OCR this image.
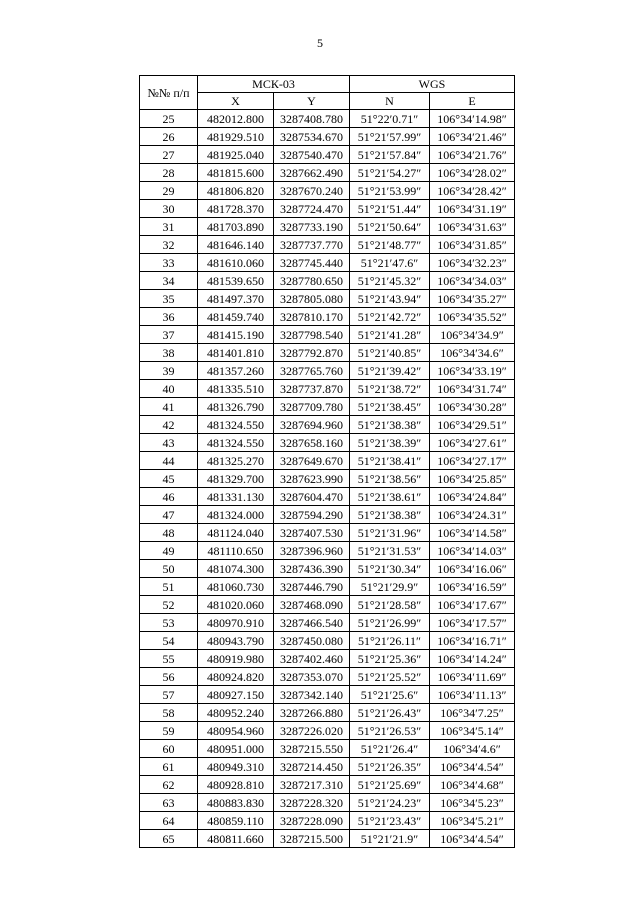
5
№№ п/п	МСК-03		WGS	
	X	Y	N	E
25	482012.800	3287408.780	51°22′0.71″	106°34′14.98″
26	481929.510	3287534.670	51°21′57.99″	106°34′21.46″
27	481925.040	3287540.470	51°21′57.84″	106°34′21.76″
28	481815.600	3287662.490	51°21′54.27″	106°34′28.02″
29	481806.820	3287670.240	51°21′53.99″	106°34′28.42″
30	481728.370	3287724.470	51°21′51.44″	106°34′31.19″
31	481703.890	3287733.190	51°21′50.64″	106°34′31.63″
32	481646.140	3287737.770	51°21′48.77″	106°34′31.85″
33	481610.060	3287745.440	51°21′47.6″	106°34′32.23″
34	481539.650	3287780.650	51°21′45.32″	106°34′34.03″
35	481497.370	3287805.080	51°21′43.94″	106°34′35.27″
36	481459.740	3287810.170	51°21′42.72″	106°34′35.52″
37	481415.190	3287798.540	51°21′41.28″	106°34′34.9″
38	481401.810	3287792.870	51°21′40.85″	106°34′34.6″
39	481357.260	3287765.760	51°21′39.42″	106°34′33.19″
40	481335.510	3287737.870	51°21′38.72″	106°34′31.74″
41	481326.790	3287709.780	51°21′38.45″	106°34′30.28″
42	481324.550	3287694.960	51°21′38.38″	106°34′29.51″
43	481324.550	3287658.160	51°21′38.39″	106°34′27.61″
44	481325.270	3287649.670	51°21′38.41″	106°34′27.17″
45	481329.700	3287623.990	51°21′38.56″	106°34′25.85″
46	481331.130	3287604.470	51°21′38.61″	106°34′24.84″
47	481324.000	3287594.290	51°21′38.38″	106°34′24.31″
48	481124.040	3287407.530	51°21′31.96″	106°34′14.58″
49	481110.650	3287396.960	51°21′31.53″	106°34′14.03″
50	481074.300	3287436.390	51°21′30.34″	106°34′16.06″
51	481060.730	3287446.790	51°21′29.9″	106°34′16.59″
52	481020.060	3287468.090	51°21′28.58″	106°34′17.67″
53	480970.910	3287466.540	51°21′26.99″	106°34′17.57″
54	480943.790	3287450.080	51°21′26.11″	106°34′16.71″
55	480919.980	3287402.460	51°21′25.36″	106°34′14.24″
56	480924.820	3287353.070	51°21′25.52″	106°34′11.69″
57	480927.150	3287342.140	51°21′25.6″	106°34′11.13″
58	480952.240	3287266.880	51°21′26.43″	106°34′7.25″
59	480954.960	3287226.020	51°21′26.53″	106°34′5.14″
60	480951.000	3287215.550	51°21′26.4″	106°34′4.6″
61	480949.310	3287214.450	51°21′26.35″	106°34′4.54″
62	480928.810	3287217.310	51°21′25.69″	106°34′4.68″
63	480883.830	3287228.320	51°21′24.23″	106°34′5.23″
64	480859.110	3287228.090	51°21′23.43″	106°34′5.21″
65	480811.660	3287215.500	51°21′21.9″	106°34′4.54″
